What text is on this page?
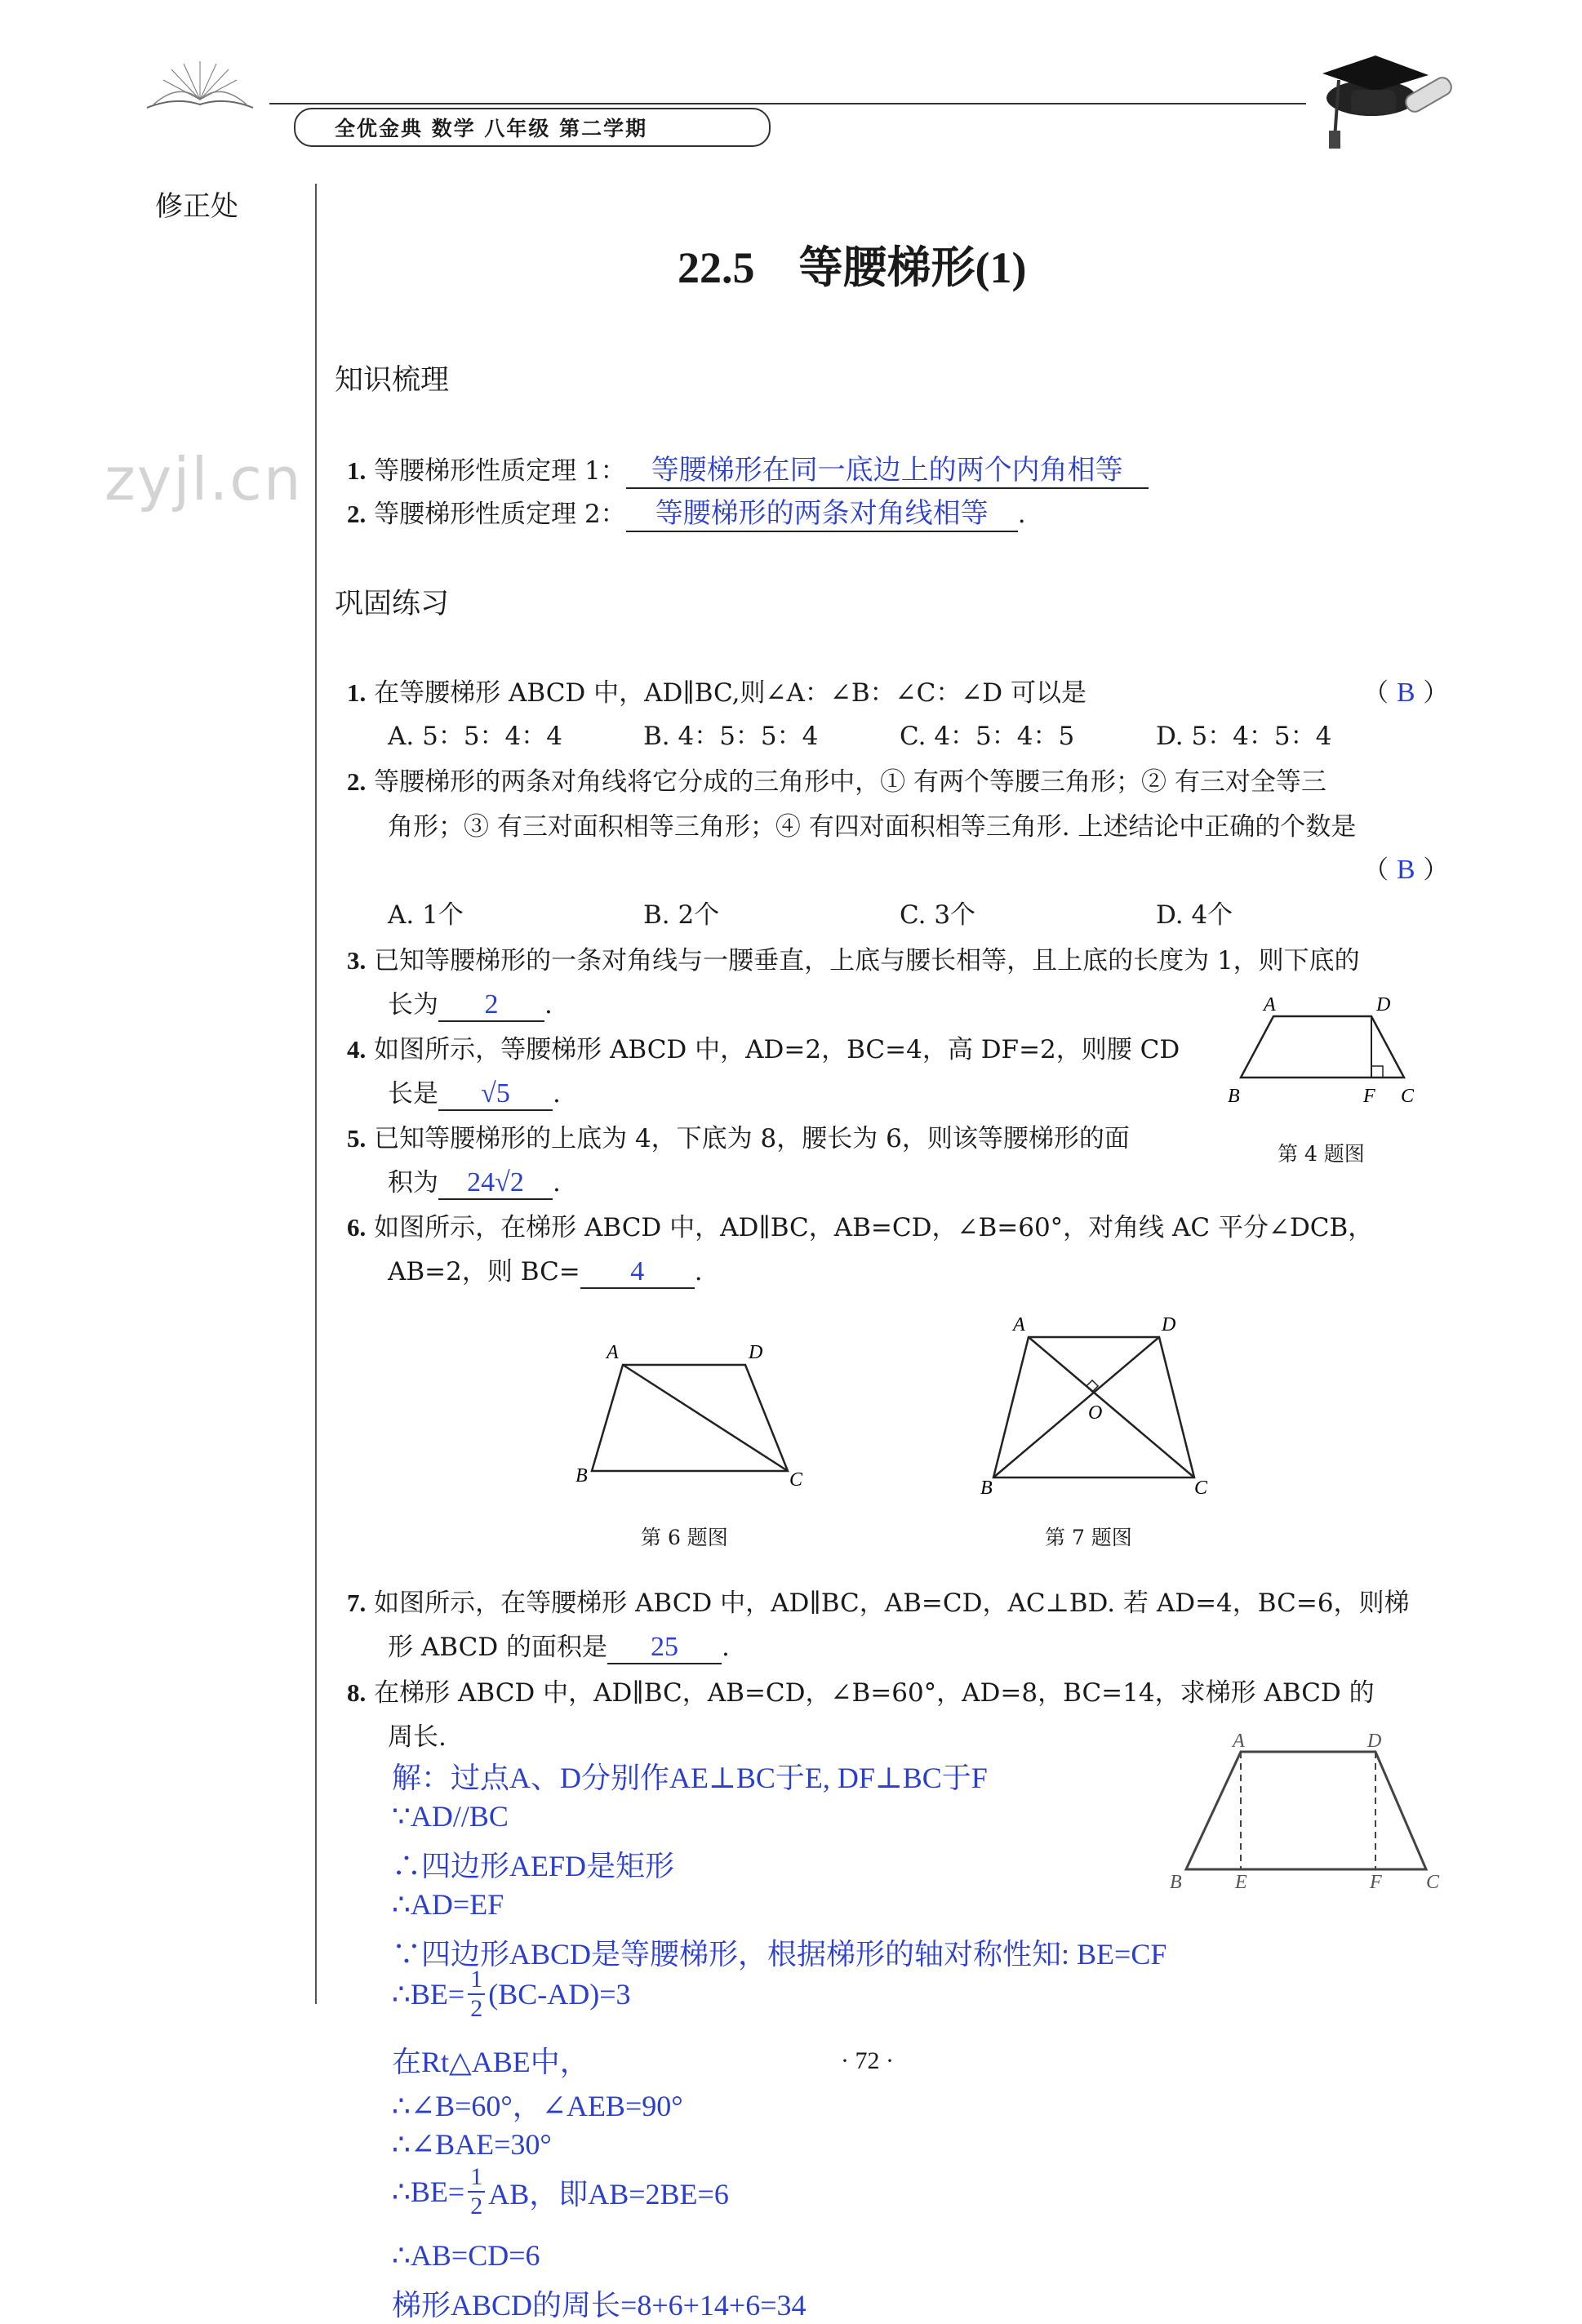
全优金典 数学 八年级 第二学期
修正处
zyjl.cn
22.5　等腰梯形(1)
知识梳理
1. 等腰梯形性质定理 1： 等腰梯形在同一底边上的两个内角相等
2. 等腰梯形性质定理 2： 等腰梯形的两条对角线相等 .
巩固练习
1. 在等腰梯形 ABCD 中，AD∥BC,则∠A：∠B：∠C：∠D 可以是	（ B ）
A. 5：5：4：4	B. 4：5：5：4	C. 4：5：4：5	D. 5：4：5：4
2. 等腰梯形的两条对角线将它分成的三角形中，① 有两个等腰三角形；② 有三对全等三
角形；③ 有三对面积相等三角形；④ 有四对面积相等三角形. 上述结论中正确的个数是
（ B ）
A. 1个	B. 2个	C. 3个	D. 4个
3. 已知等腰梯形的一条对角线与一腰垂直，上底与腰长相等，且上底的长度为 1，则下底的
长为 2 .
4. 如图所示，等腰梯形 ABCD 中，AD=2，BC=4，高 DF=2，则腰 CD
长是 √5 .
5. 已知等腰梯形的上底为 4，下底为 8，腰长为 6，则该等腰梯形的面
积为 24√2 .
A	D
B	F C
第 4 题图
6. 如图所示，在梯形 ABCD 中，AD∥BC，AB=CD，∠B=60°，对角线 AC 平分∠DCB，
AB=2，则 BC= 4 .
A	D
B	C
第 6 题图
A	D
O
B	C
第 7 题图
7. 如图所示，在等腰梯形 ABCD 中，AD∥BC，AB=CD，AC⊥BD. 若 AD=4，BC=6，则梯
形 ABCD 的面积是 25 .
8. 在梯形 ABCD 中，AD∥BC，AB=CD，∠B=60°，AD=8，BC=14，求梯形 ABCD 的
周长.	A	D
B	E	F C
解：过点A、D分别作AE⊥BC于E, DF⊥BC于F
∵AD//BC
∴四边形AEFD是矩形
∴AD=EF
∵四边形ABCD是等腰梯形，根据梯形的轴对称性知: BE=CF
∴BE= $\frac{1}{2} (BC-AD)=3$
在Rt△ABE中，
∴∠B=60°，∠AEB=90°
∴∠BAE=30°
∴BE= $\frac{1}{2}$ AB，即AB=2BE=6
∴AB=CD=6
梯形ABCD的周长=8+6+14+6=34
· 72 ·
